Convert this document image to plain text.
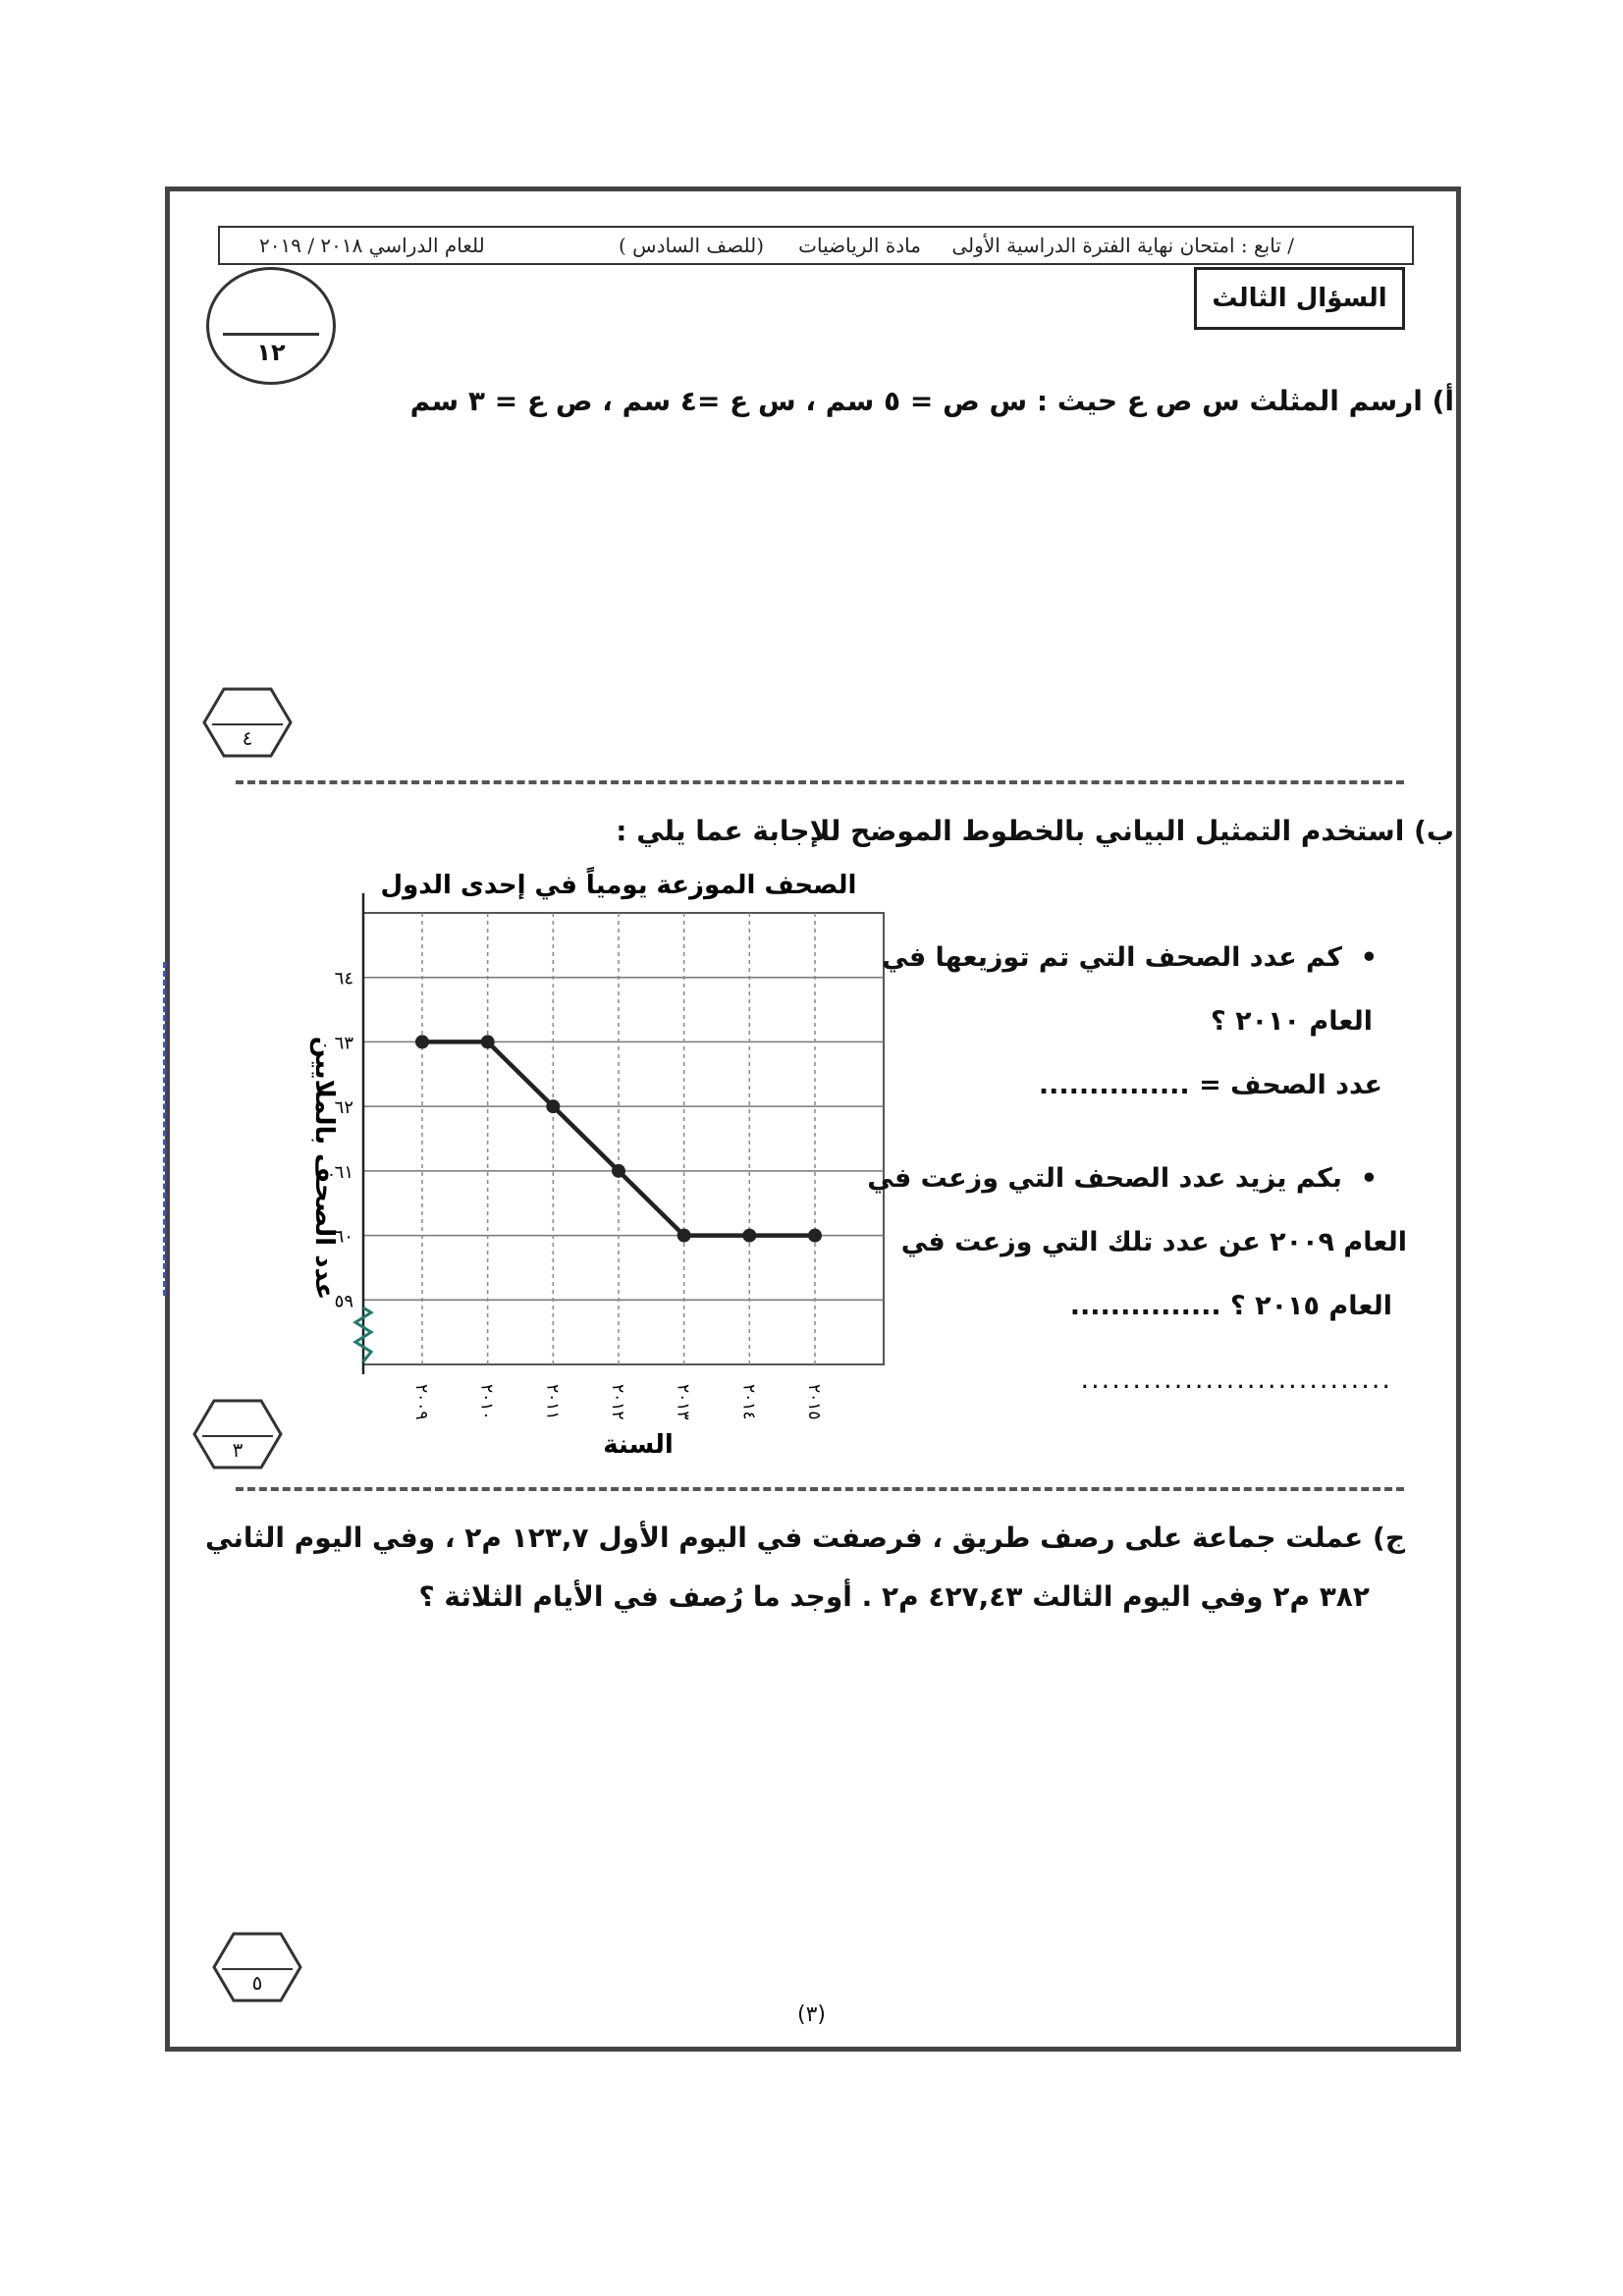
تابع : امتحان نهاية الفترة الدراسية الأولى /
مادة الرياضيات
( للصف السادس)
للعام الدراسي ٢٠١٨ / ٢٠١٩
السؤال الثالث
١٢
أ) ارسم المثلث س ص ع حيث : س ص = ٥ سم ، س ع =٤ سم ، ص ع = ٣ سم
٤
ب) استخدم التمثيل البياني بالخطوط الموضح للإجابة عما يلي :
الصحف الموزعة يومياً في إحدى الدول
٥٩
٦٠
٦١
٦٢
٦٣
٦٤
٢٠٠٩	٢٠١٠	٢٠١١	٢٠١٢	٢٠١٣	٢٠١٤	٢٠١٥
السنة
عدد الصحف بالملايين
•  كم عدد الصحف التي تم توزيعها في
العام ٢٠١٠ ؟
عدد الصحف = ...............
•  بكم يزيد عدد الصحف التي وزعت في
العام ٢٠٠٩ عن عدد تلك التي وزعت في
العام ٢٠١٥ ؟ ...............
..............................
٣
ج) عملت جماعة على رصف طريق ، فرصفت في اليوم الأول ١٢٣,٧ م٢ ، وفي اليوم الثاني
٣٨٢ م٢ وفي اليوم الثالث ٤٢٧,٤٣ م٢ . أوجد ما رُصف في الأيام الثلاثة ؟
٥
(٣)
